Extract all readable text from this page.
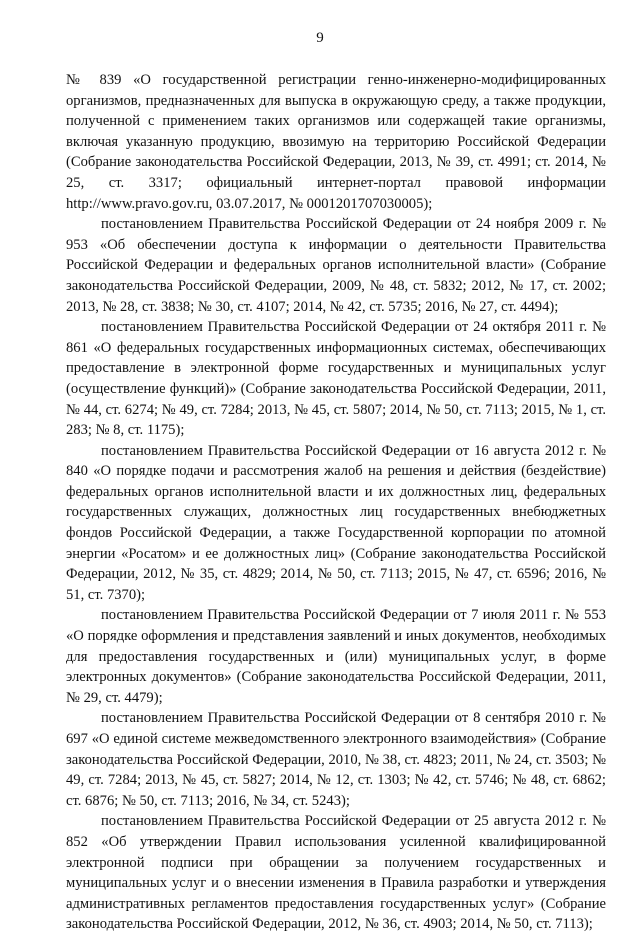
9

№ 839 «О государственной регистрации генно-инженерно-модифицированных организмов, предназначенных для выпуска в окружающую среду, а также продукции, полученной с применением таких организмов или содержащей такие организмы, включая указанную продукцию, ввозимую на территорию Российской Федерации (Собрание законодательства Российской Федерации, 2013, № 39, ст. 4991; ст. 2014, № 25, ст. 3317; официальный интернет-портал правовой информации http://www.pravo.gov.ru, 03.07.2017, № 0001201707030005);

постановлением Правительства Российской Федерации от 24 ноября 2009 г. № 953 «Об обеспечении доступа к информации о деятельности Правительства Российской Федерации и федеральных органов исполнительной власти» (Собрание законодательства Российской Федерации, 2009, № 48, ст. 5832; 2012, № 17, ст. 2002; 2013, № 28, ст. 3838; № 30, ст. 4107; 2014, № 42, ст. 5735; 2016, № 27, ст. 4494);

постановлением Правительства Российской Федерации от 24 октября 2011 г. № 861 «О федеральных государственных информационных системах, обеспечивающих предоставление в электронной форме государственных и муниципальных услуг (осуществление функций)» (Собрание законодательства Российской Федерации, 2011, № 44, ст. 6274; № 49, ст. 7284; 2013, № 45, ст. 5807; 2014, № 50, ст. 7113; 2015, № 1, ст. 283; № 8, ст. 1175);

постановлением Правительства Российской Федерации от 16 августа 2012 г. № 840 «О порядке подачи и рассмотрения жалоб на решения и действия (бездействие) федеральных органов исполнительной власти и их должностных лиц, федеральных государственных служащих, должностных лиц государственных внебюджетных фондов Российской Федерации, а также Государственной корпорации по атомной энергии «Росатом» и ее должностных лиц» (Собрание законодательства Российской Федерации, 2012, № 35, ст. 4829; 2014, № 50, ст. 7113; 2015, № 47, ст. 6596; 2016, № 51, ст. 7370);

постановлением Правительства Российской Федерации от 7 июля 2011 г. № 553 «О порядке оформления и представления заявлений и иных документов, необходимых для предоставления государственных и (или) муниципальных услуг, в форме электронных документов» (Собрание законодательства Российской Федерации, 2011, № 29, ст. 4479);

постановлением Правительства Российской Федерации от 8 сентября 2010 г. № 697 «О единой системе межведомственного электронного взаимодействия» (Собрание законодательства Российской Федерации, 2010, № 38, ст. 4823; 2011, № 24, ст. 3503; № 49, ст. 7284; 2013, № 45, ст. 5827; 2014, № 12, ст. 1303; № 42, ст. 5746; № 48, ст. 6862; ст. 6876; № 50, ст. 7113; 2016, № 34, ст. 5243);

постановлением Правительства Российской Федерации от 25 августа 2012 г. № 852 «Об утверждении Правил использования усиленной квалифицированной электронной подписи при обращении за получением государственных и муниципальных услуг и о внесении изменения в Правила разработки и утверждения административных регламентов предоставления государственных услуг» (Собрание законодательства Российской Федерации, 2012, № 36, ст. 4903; 2014, № 50, ст. 7113);
